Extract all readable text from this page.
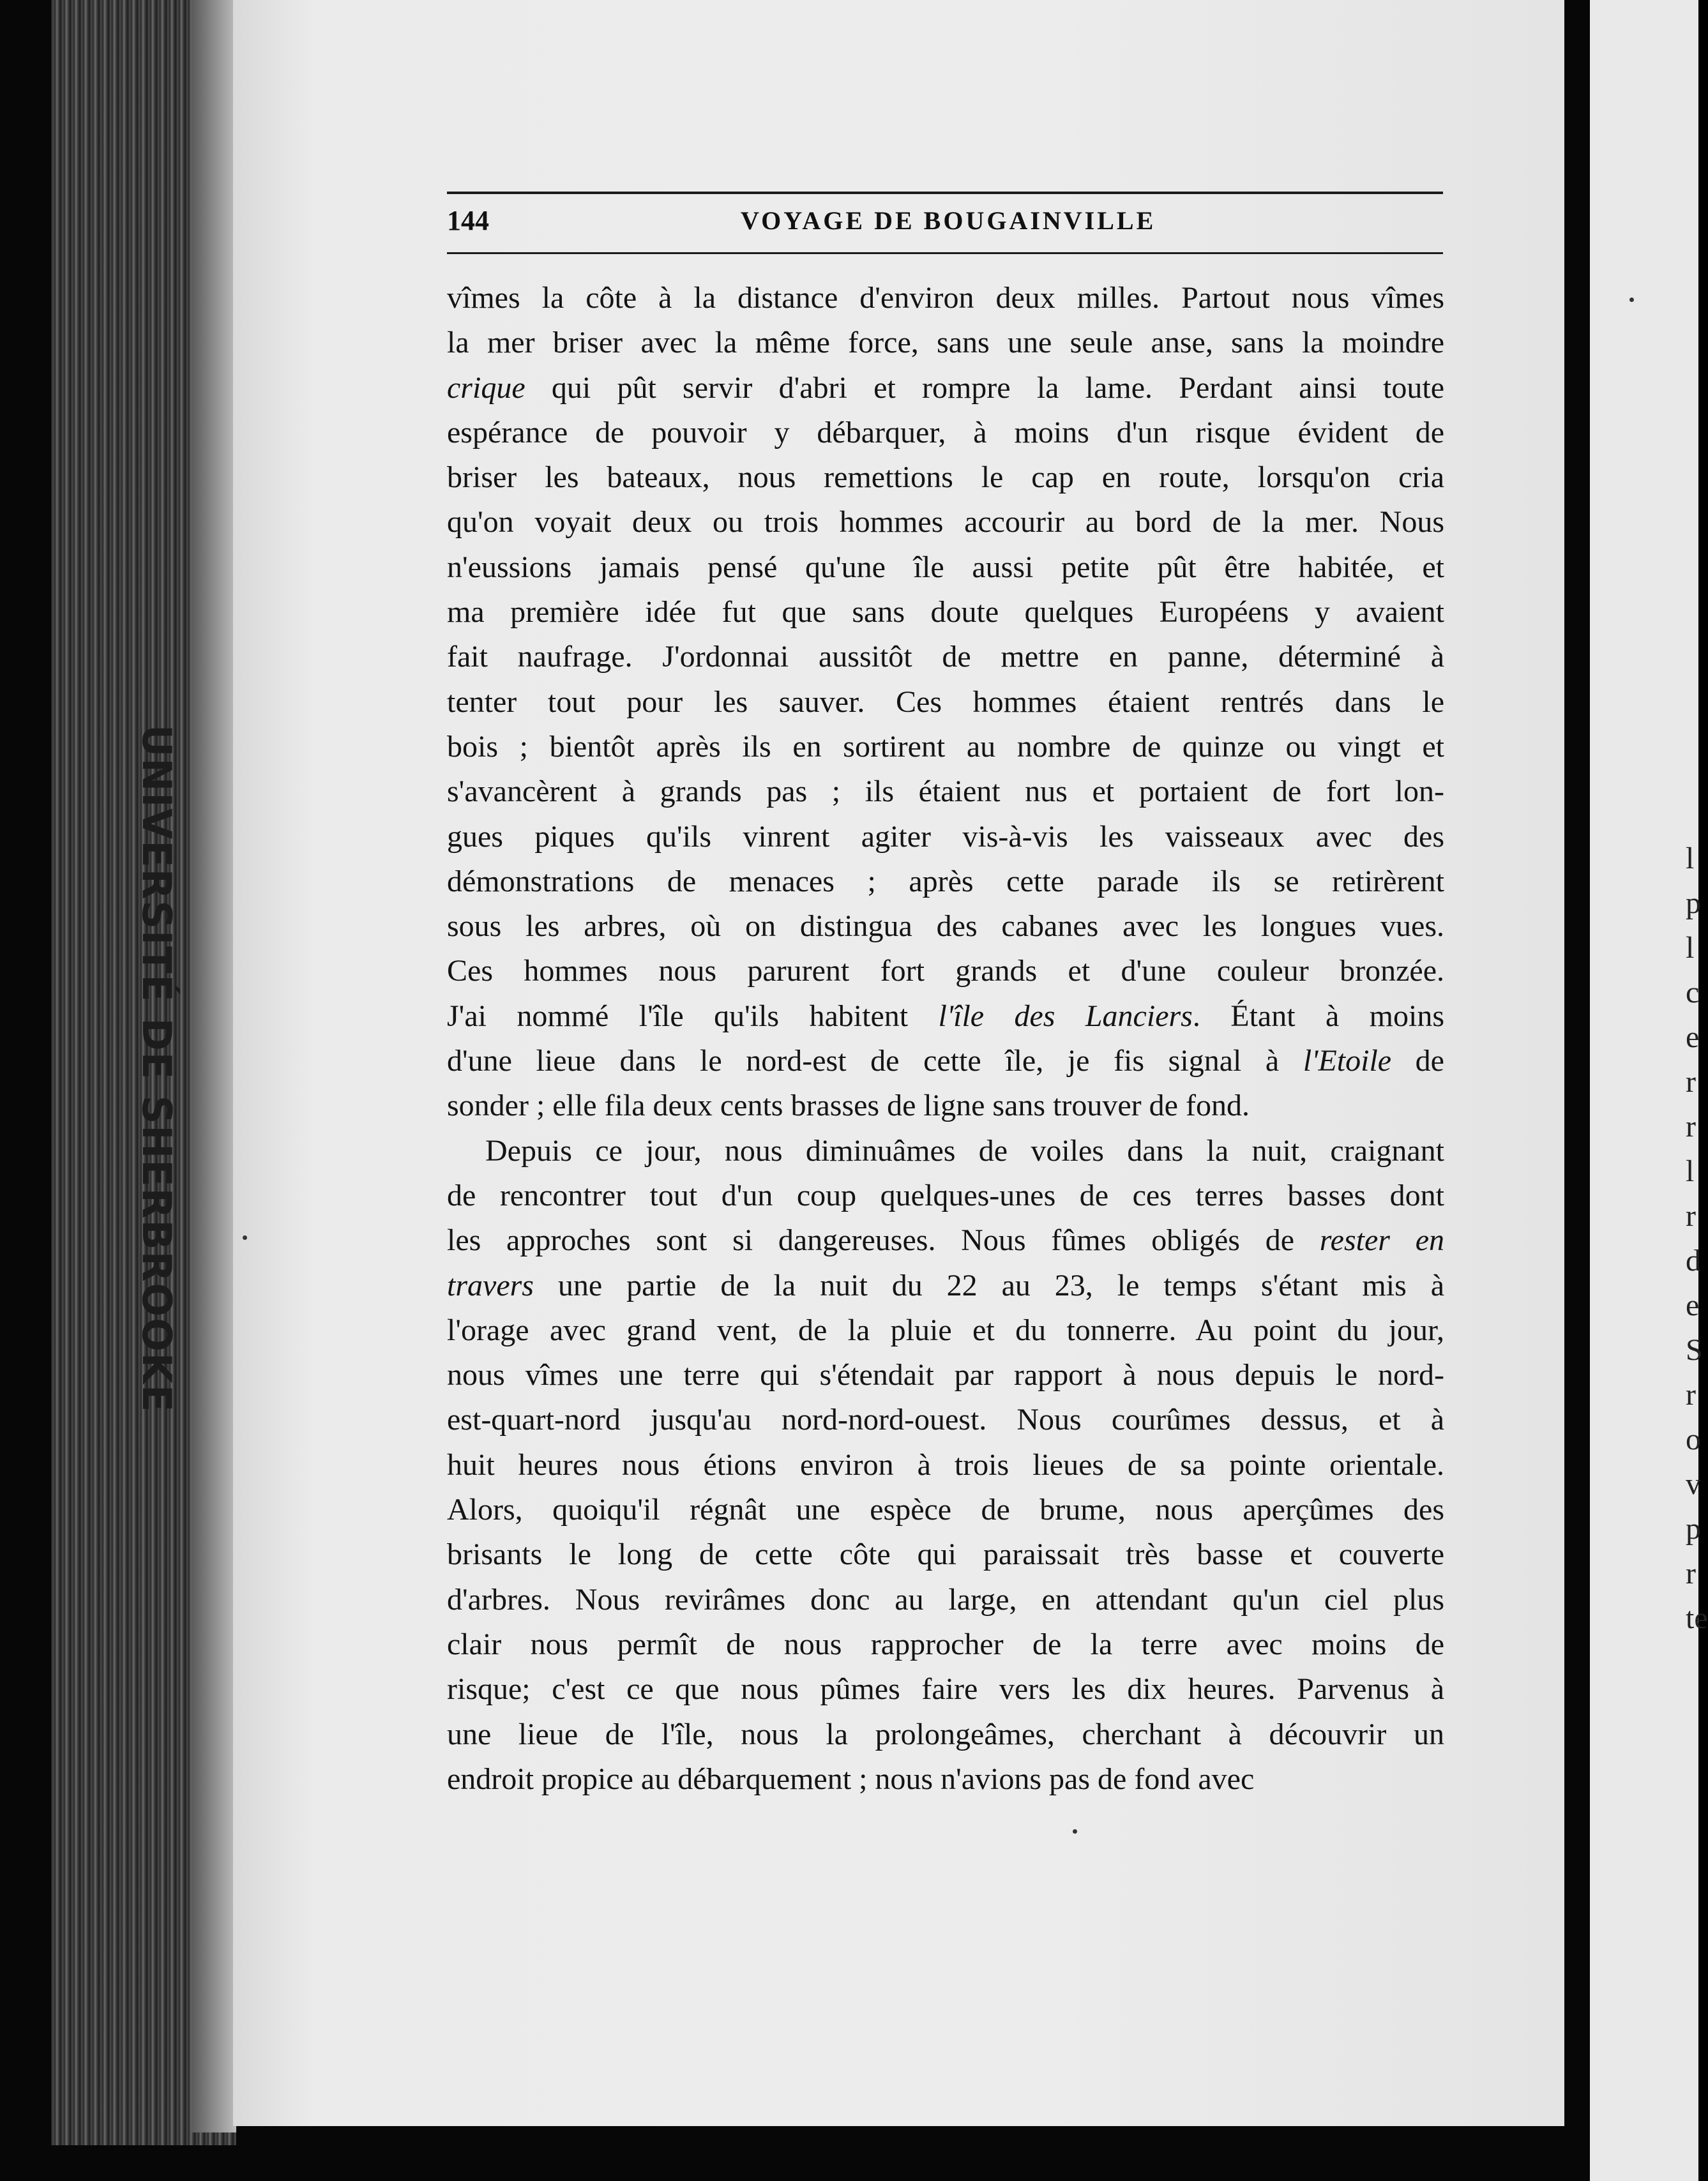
UNIVERSITÉ DE SHERBROOKE	l
p
l
c
e
r
r
l
r
d
e
S
r
o
v
p
r
te
144	VOYAGE DE BOUGAINVILLE
vîmes la côte à la distance d'environ deux milles. Partout nous vîmes
la mer briser avec la même force, sans une seule anse, sans la moindre
crique qui pût servir d'abri et rompre la lame. Perdant ainsi toute
espérance de pouvoir y débarquer, à moins d'un risque évident de
briser les bateaux, nous remettions le cap en route, lorsqu'on cria
qu'on voyait deux ou trois hommes accourir au bord de la mer. Nous
n'eussions jamais pensé qu'une île aussi petite pût être habitée, et
ma première idée fut que sans doute quelques Européens y avaient
fait naufrage. J'ordonnai aussitôt de mettre en panne, déterminé à
tenter tout pour les sauver. Ces hommes étaient rentrés dans le
bois ; bientôt après ils en sortirent au nombre de quinze ou vingt et
s'avancèrent à grands pas ; ils étaient nus et portaient de fort lon-
gues piques qu'ils vinrent agiter vis-à-vis les vaisseaux avec des
démonstrations de menaces ; après cette parade ils se retirèrent
sous les arbres, où on distingua des cabanes avec les longues vues.
Ces hommes nous parurent fort grands et d'une couleur bronzée.
J'ai nommé l'île qu'ils habitent l'île des Lanciers. Étant à moins
d'une lieue dans le nord-est de cette île, je fis signal à l'Etoile de
sonder ; elle fila deux cents brasses de ligne sans trouver de fond.
Depuis ce jour, nous diminuâmes de voiles dans la nuit, craignant
de rencontrer tout d'un coup quelques-unes de ces terres basses dont
les approches sont si dangereuses. Nous fûmes obligés de rester en
travers une partie de la nuit du 22 au 23, le temps s'étant mis à
l'orage avec grand vent, de la pluie et du tonnerre. Au point du jour,
nous vîmes une terre qui s'étendait par rapport à nous depuis le nord-
est-quart-nord jusqu'au nord-nord-ouest. Nous courûmes dessus, et à
huit heures nous étions environ à trois lieues de sa pointe orientale.
Alors, quoiqu'il régnât une espèce de brume, nous aperçûmes des
brisants le long de cette côte qui paraissait très basse et couverte
d'arbres. Nous revirâmes donc au large, en attendant qu'un ciel plus
clair nous permît de nous rapprocher de la terre avec moins de
risque; c'est ce que nous pûmes faire vers les dix heures. Parvenus à
une lieue de l'île, nous la prolongeâmes, cherchant à découvrir un
endroit propice au débarquement ; nous n'avions pas de fond avec
